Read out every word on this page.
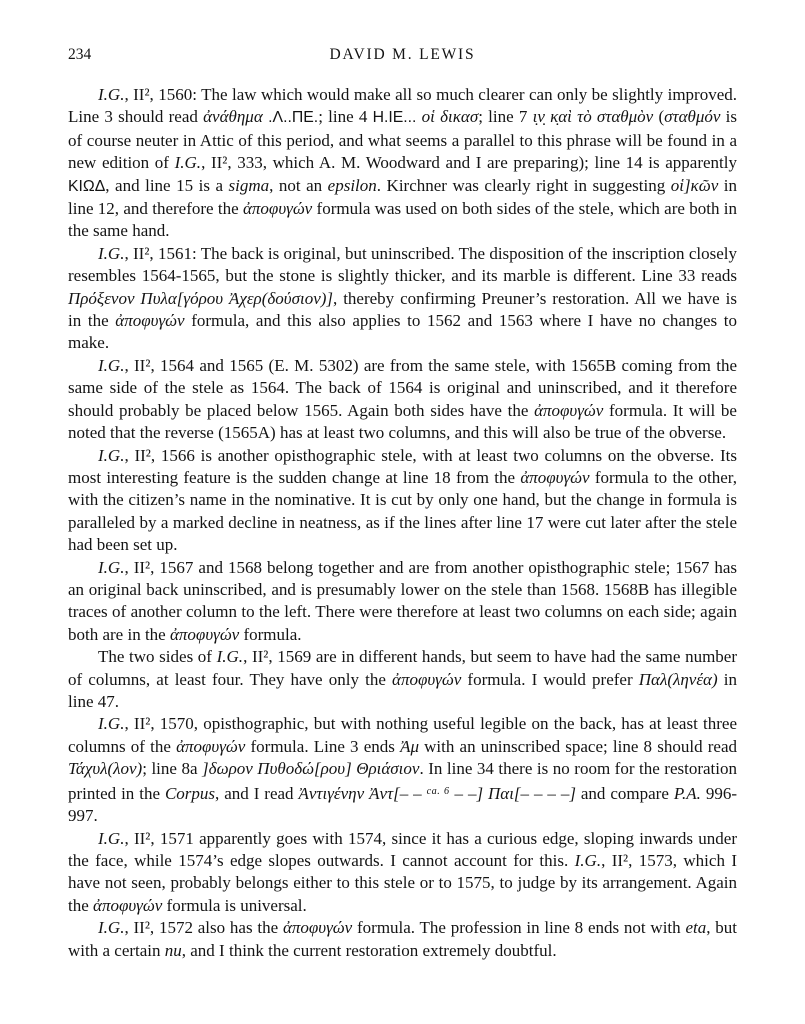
234	DAVID M. LEWIS

I.G., II², 1560: The law which would make all so much clearer can only be slightly improved. Line 3 should read ἀνάθημα .Λ..ΠΕ.; line 4 Η.ΙΕ... οἱ δικασ; line 7 ι̣ν̣ κ̣αὶ τὸ σταθμὸν (σταθμόν is of course neuter in Attic of this period, and what seems a parallel to this phrase will be found in a new edition of I.G., II², 333, which A. M. Woodward and I are preparing); line 14 is apparently ΚΙΩΔ, and line 15 is a sigma, not an epsilon. Kirchner was clearly right in suggesting οἱ]κῶν in line 12, and therefore the ἀποφυγών formula was used on both sides of the stele, which are both in the same hand.

I.G., II², 1561: The back is original, but uninscribed. The disposition of the inscription closely resembles 1564-1565, but the stone is slightly thicker, and its marble is different. Line 33 reads Πρόξενον Πυλα[γόρου Ἀχερ(δούσιον)], thereby confirming Preuner’s restoration. All we have is in the ἀποφυγών formula, and this also applies to 1562 and 1563 where I have no changes to make.

I.G., II², 1564 and 1565 (E. M. 5302) are from the same stele, with 1565B coming from the same side of the stele as 1564. The back of 1564 is original and uninscribed, and it therefore should probably be placed below 1565. Again both sides have the ἀποφυγών formula. It will be noted that the reverse (1565A) has at least two columns, and this will also be true of the obverse.

I.G., II², 1566 is another opisthographic stele, with at least two columns on the obverse. Its most interesting feature is the sudden change at line 18 from the ἀποφυγών formula to the other, with the citizen’s name in the nominative. It is cut by only one hand, but the change in formula is paralleled by a marked decline in neatness, as if the lines after line 17 were cut later after the stele had been set up.

I.G., II², 1567 and 1568 belong together and are from another opisthographic stele; 1567 has an original back uninscribed, and is presumably lower on the stele than 1568. 1568B has illegible traces of another column to the left. There were therefore at least two columns on each side; again both are in the ἀποφυγών formula.

The two sides of I.G., II², 1569 are in different hands, but seem to have had the same number of columns, at least four. They have only the ἀποφυγών formula. I would prefer Παλ(ληνέα) in line 47.

I.G., II², 1570, opisthographic, but with nothing useful legible on the back, has at least three columns of the ἀποφυγών formula. Line 3 ends Ἀμ with an uninscribed space; line 8 should read Τάχυλ(λον); line 8a ]δωρον Πυθοδώ[ρου] Θριάσιον. In line 34 there is no room for the restoration printed in the Corpus, and I read Ἀντιγένην Ἀντ[– – $^{ca. 6}$ – –] Παι[– – – –] and compare P.A. 996-997.

I.G., II², 1571 apparently goes with 1574, since it has a curious edge, sloping inwards under the face, while 1574’s edge slopes outwards. I cannot account for this. I.G., II², 1573, which I have not seen, probably belongs either to this stele or to 1575, to judge by its arrangement. Again the ἀποφυγών formula is universal.

I.G., II², 1572 also has the ἀποφυγών formula. The profession in line 8 ends not with eta, but with a certain nu, and I think the current restoration extremely doubtful.
